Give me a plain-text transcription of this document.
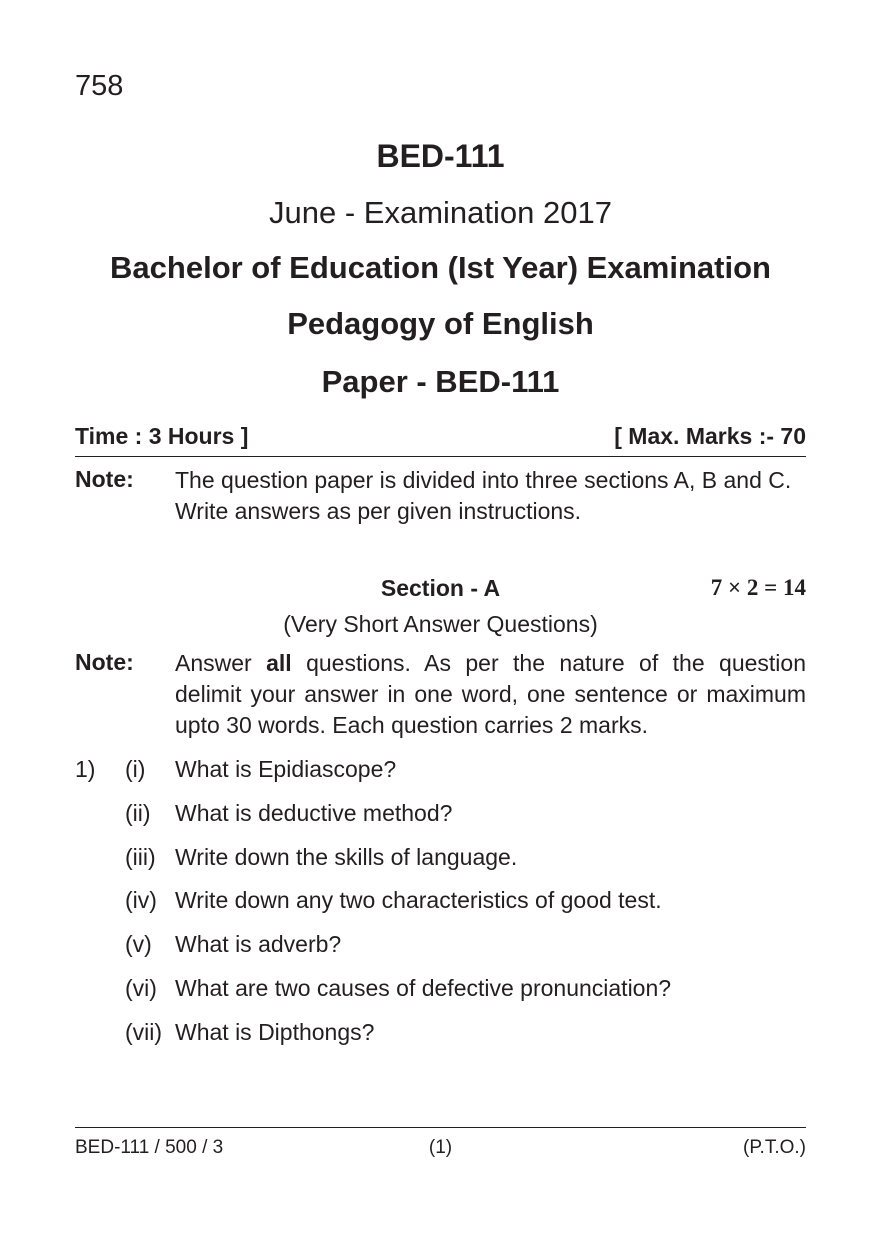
758
BED-111
June - Examination 2017
Bachelor of Education (Ist Year) Examination
Pedagogy of English
Paper - BED-111
Time : 3 Hours ]	[ Max. Marks :- 70
Note: The question paper is divided into three sections A, B and C.
Write answers as per given instructions.
Section - A	7 × 2 = 14
(Very Short Answer Questions)
Note: Answer all questions. As per the nature of the question delimit your answer in one word, one sentence or maximum upto 30 words. Each question carries 2 marks.
1) (i) What is Epidiascope?
(ii) What is deductive method?
(iii) Write down the skills of language.
(iv) Write down any two characteristics of good test.
(v) What is adverb?
(vi) What are two causes of defective pronunciation?
(vii) What is Dipthongs?
BED-111 / 500 / 3	(1)	(P.T.O.)
